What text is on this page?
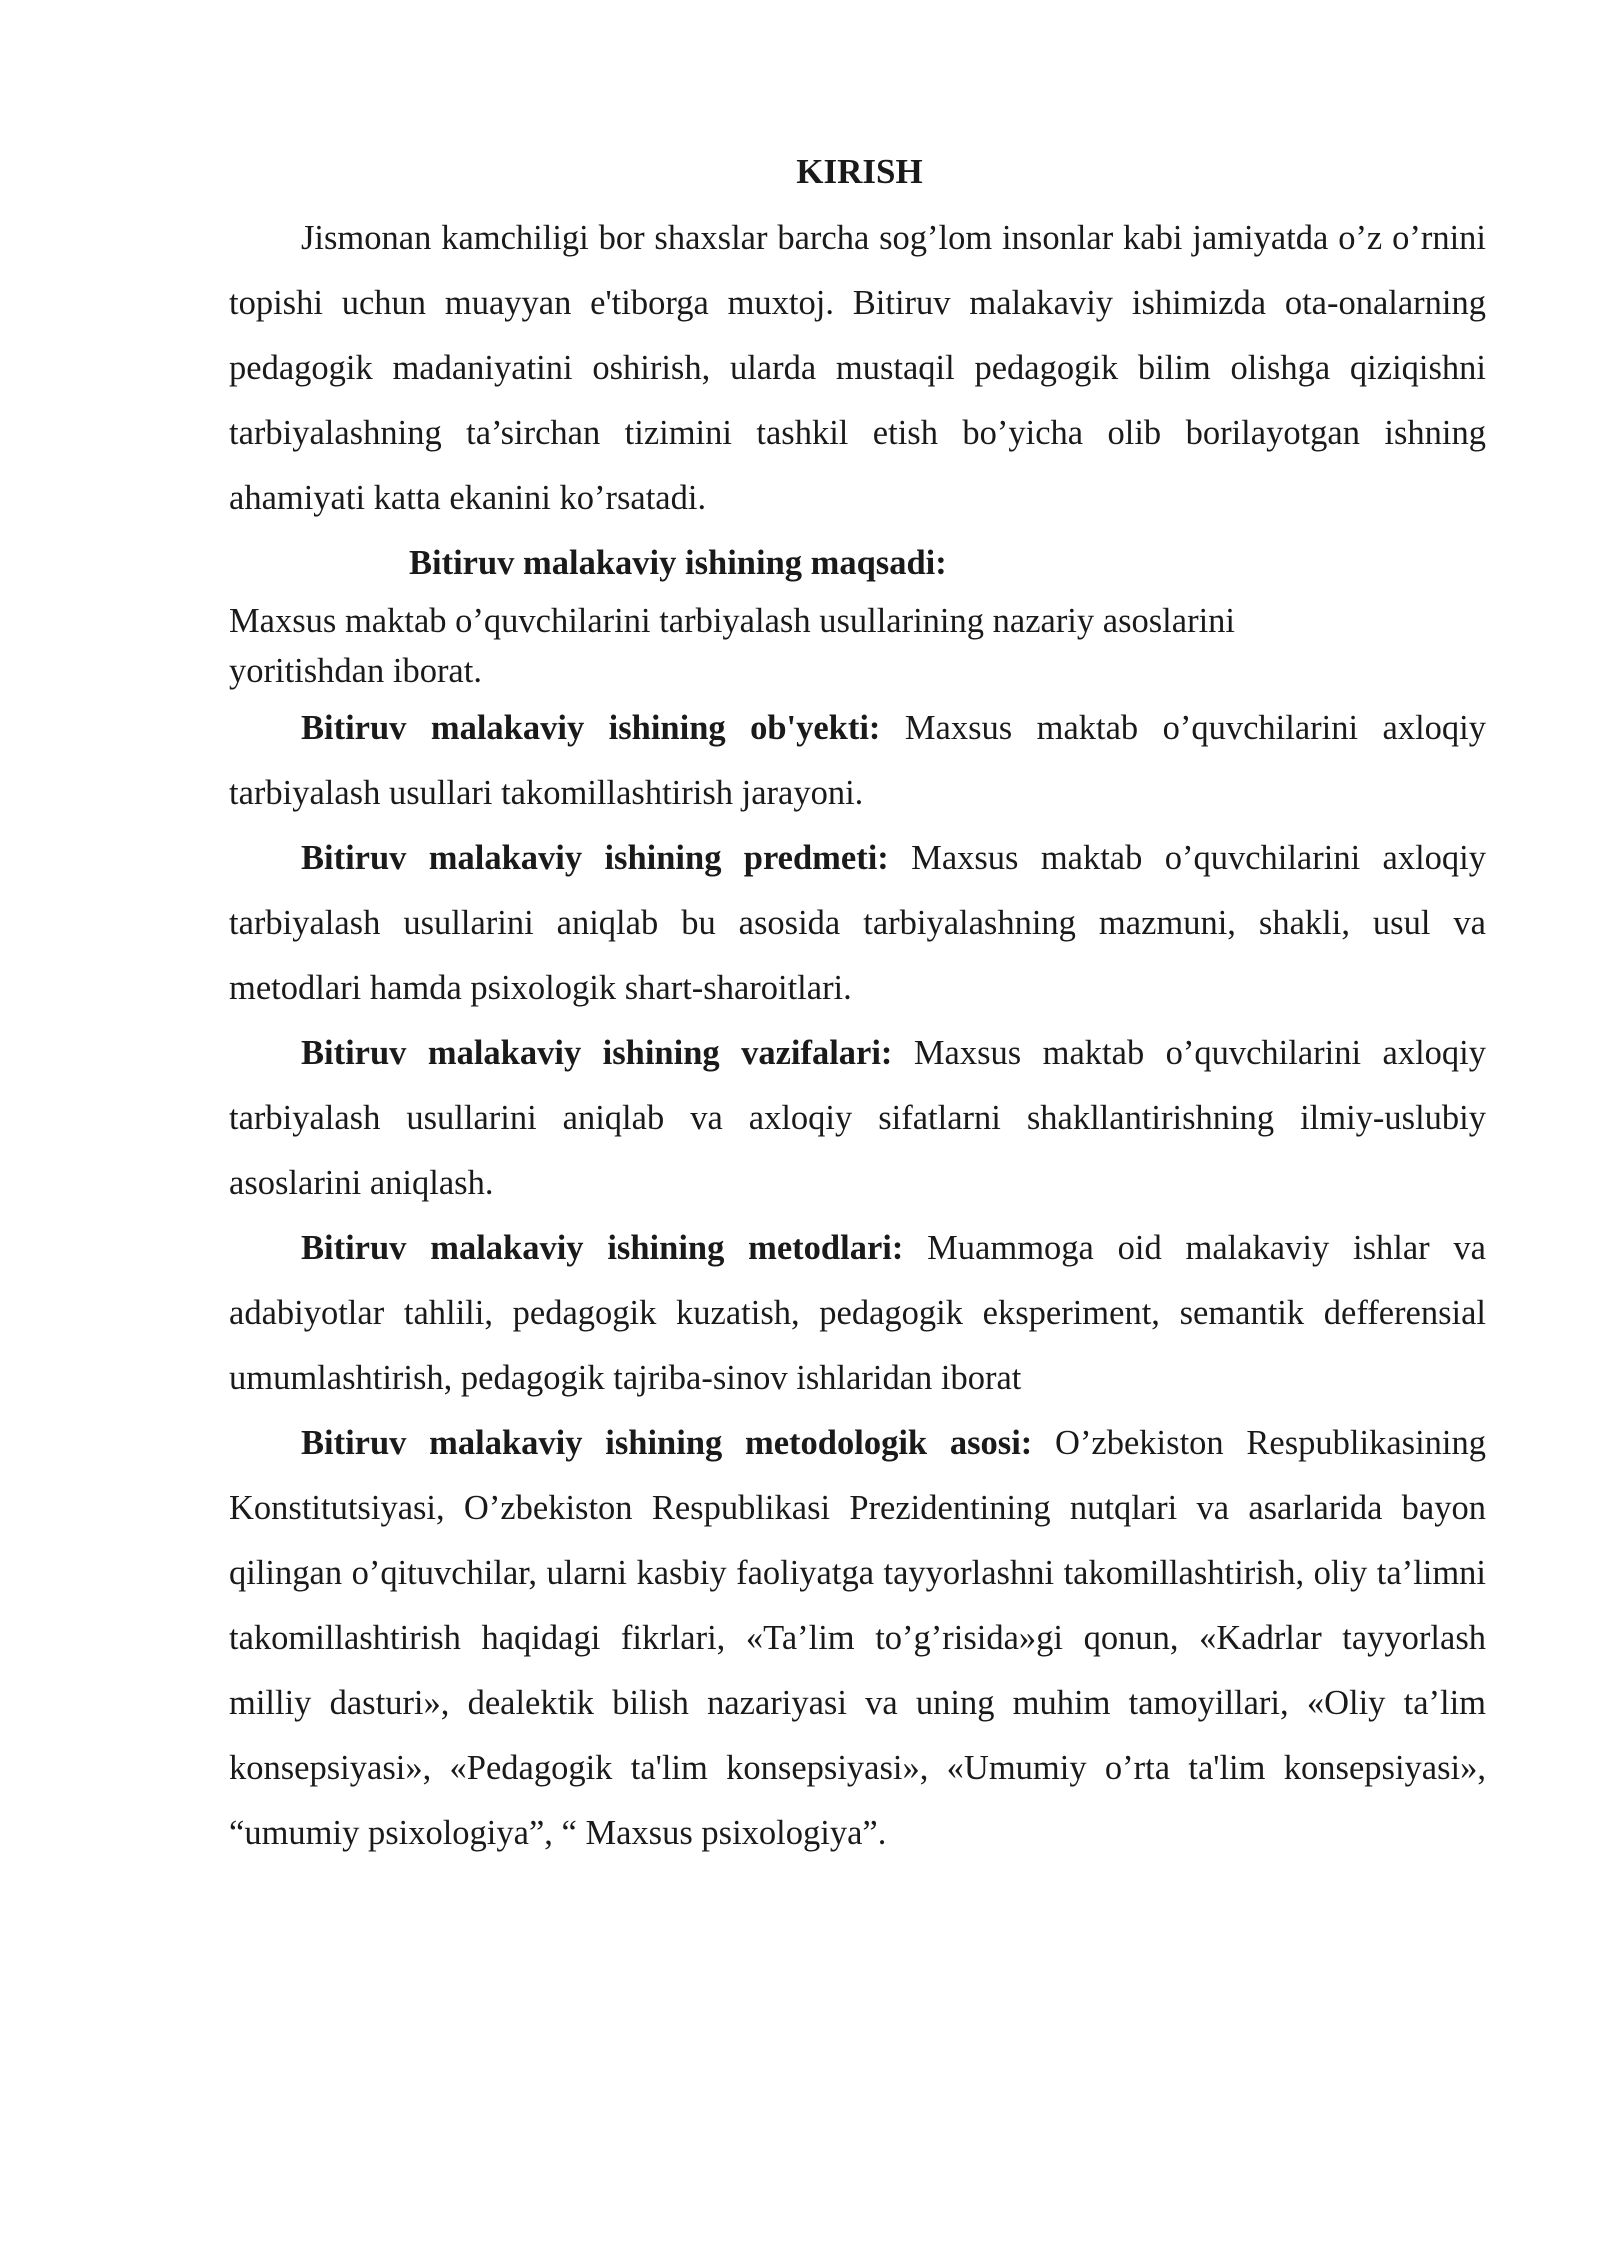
KIRISH

Jismonan kamchiligi bor shaxslar barcha sog’lom insonlar kabi jamiyatda o’z o’rnini topishi uchun muayyan e'tiborga muxtoj. Bitiruv malakaviy ishimizda ota-onalarning pedagogik madaniyatini oshirish, ularda mustaqil pedagogik bilim olishga qiziqishni tarbiyalashning ta’sirchan tizimini tashkil etish bo’yicha olib borilayotgan ishning ahamiyati katta ekanini ko’rsatadi.

Bitiruv malakaviy ishining maqsadi:

Maxsus maktab o’quvchilarini tarbiyalash usullarining nazariy asoslarini yoritishdan iborat.

Bitiruv malakaviy ishining ob'yekti: Maxsus maktab o’quvchilarini axloqiy tarbiyalash usullari takomillashtirish jarayoni.

Bitiruv malakaviy ishining predmeti: Maxsus maktab o’quvchilarini axloqiy tarbiyalash usullarini aniqlab bu asosida tarbiyalashning mazmuni, shakli, usul va metodlari hamda psixologik shart-sharoitlari.

Bitiruv malakaviy ishining vazifalari: Maxsus maktab o’quvchilarini axloqiy tarbiyalash usullarini aniqlab va axloqiy sifatlarni shakllantirishning ilmiy-uslubiy asoslarini aniqlash.

Bitiruv malakaviy ishining metodlari: Muammoga oid malakaviy ishlar va adabiyotlar tahlili, pedagogik kuzatish, pedagogik eksperiment, semantik defferensial umumlashtirish, pedagogik tajriba-sinov ishlaridan iborat

Bitiruv malakaviy ishining metodologik asosi: O’zbekiston Respublikasining Konstitutsiyasi, O’zbekiston Respublikasi Prezidentining nutqlari va asarlarida bayon qilingan o’qituvchilar, ularni kasbiy faoliyatga tayyorlashni takomillashtirish, oliy ta’limni takomillashtirish haqidagi fikrlari, «Ta’lim to’g’risida»gi qonun, «Kadrlar tayyorlash milliy dasturi», dealektik bilish nazariyasi va uning muhim tamoyillari, «Oliy ta’lim konsepsiyasi», «Pedagogik ta'lim konsepsiyasi», «Umumiy o’rta ta'lim konsepsiyasi», “umumiy psixologiya”, “ Maxsus psixologiya”.
